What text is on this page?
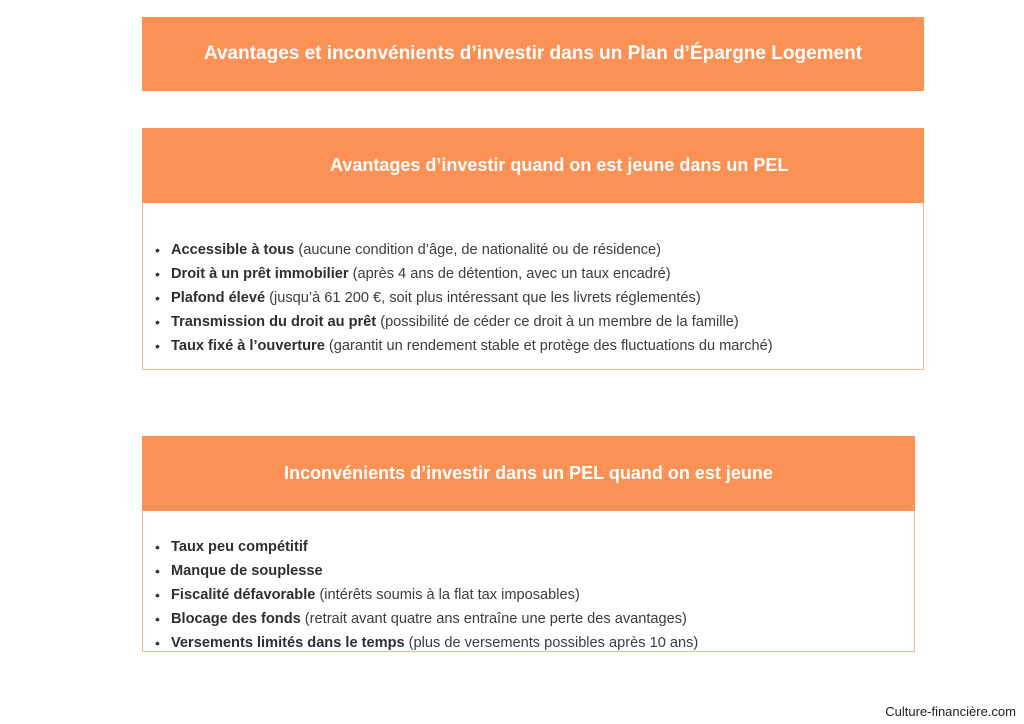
Avantages et inconvénients d’investir dans un Plan d’Épargne Logement
Avantages d’investir quand on est jeune dans un PEL
• Accessible à tous (aucune condition d’âge, de nationalité ou de résidence)
• Droit à un prêt immobilier (après 4 ans de détention, avec un taux encadré)
• Plafond élevé (jusqu’à 61 200 €, soit plus intéressant que les livrets réglementés)
• Transmission du droit au prêt (possibilité de céder ce droit à un membre de la famille)
• Taux fixé à l’ouverture (garantit un rendement stable et protège des fluctuations du marché)
Inconvénients d’investir dans un PEL quand on est jeune
• Taux peu compétitif
• Manque de souplesse
• Fiscalité défavorable (intérêts soumis à la flat tax imposables)
• Blocage des fonds (retrait avant quatre ans entraîne une perte des avantages)
• Versements limités dans le temps (plus de versements possibles après 10 ans)
Culture-financière.com
